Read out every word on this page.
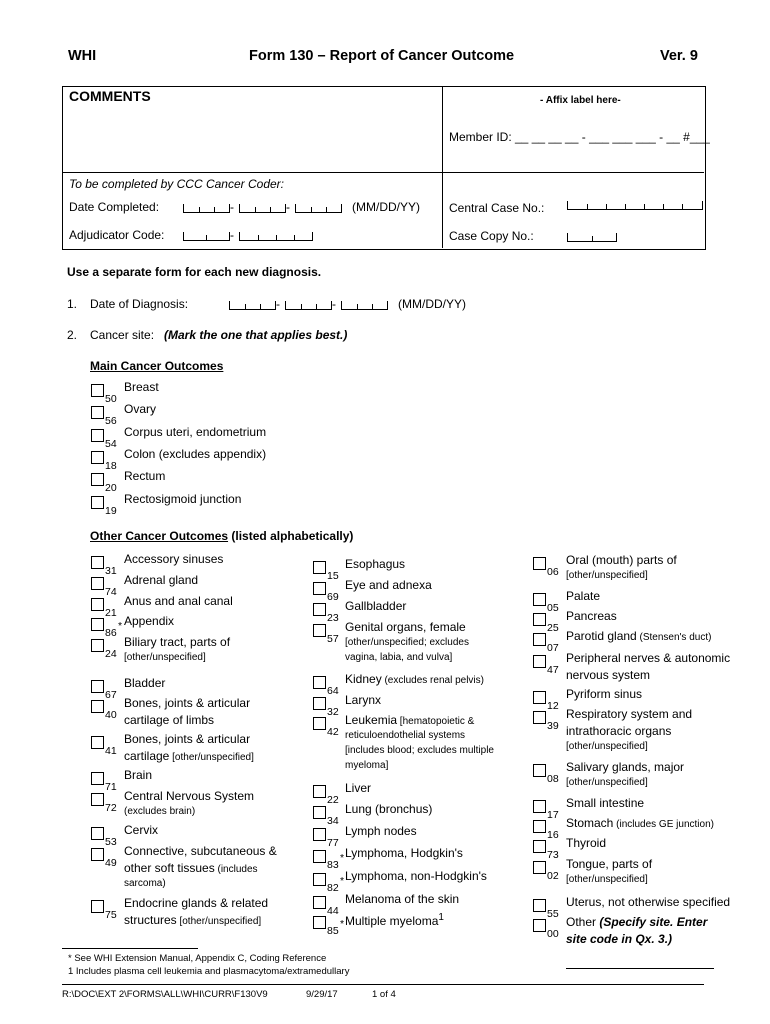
WHI	Form 130 – Report of Cancer Outcome	Ver. 9
COMMENTS	- Affix label here-
Member ID: __ __ __ __ - ___ ___ ___ - __ #___
To be completed by CCC Cancer Coder:
Date Completed:	-	-	(MM/DD/YY) Central Case No.:
Adjudicator Code:	-	Case Copy No.:
Use a separate form for each new diagnosis.
1. Date of Diagnosis:	-	-	(MM/DD/YY)
2. Cancer site: (Mark the one that applies best.)
Main Cancer Outcomes
50
Breast
56
Ovary
54
Corpus uteri, endometrium
18
Colon (excludes appendix)
20
Rectum
19
Rectosigmoid junction
Other Cancer Outcomes (listed alphabetically)
31
Accessory sinuses
74
Adrenal gland
21
Anus and anal canal
86
* Appendix
24
Biliary tract, parts of
[other/unspecified]
67
Bladder
40
Bones, joints & articular
cartilage of limbs
41
Bones, joints & articular
cartilage [other/unspecified]
71
Brain
72
Central Nervous System
(excludes brain)
53
Cervix
49
Connective, subcutaneous &
other soft tissues (includes
sarcoma)
75
Endocrine glands & related
structures [other/unspecified]
15
Esophagus
69
Eye and adnexa
23
Gallbladder
57
Genital organs, female
[other/unspecified; excludes
vagina, labia, and vulva]
64
Kidney (excludes renal pelvis)
32
Larynx
42
Leukemia [hematopoietic &
reticuloendothelial systems
[includes blood; excludes multiple
myeloma]
22
Liver
34
Lung (bronchus)
77
Lymph nodes
83
* Lymphoma, Hodgkin's
82
* Lymphoma, non-Hodgkin's
44
Melanoma of the skin
85
* Multiple myeloma$^1$
06
Oral (mouth) parts of
[other/unspecified]
05
Palate
25
Pancreas
07
Parotid gland (Stensen's duct)
47
Peripheral nerves & autonomic
nervous system
12
Pyriform sinus
39
Respiratory system and
intrathoracic organs
[other/unspecified]
08
Salivary glands, major
[other/unspecified]
17
Small intestine
16
Stomach (includes GE junction)
73
Thyroid
02
Tongue, parts of
[other/unspecified]
55
Uterus, not otherwise specified
00
Other (Specify site. Enter
site code in Qx. 3.)
* See WHI Extension Manual, Appendix C, Coding Reference
1 Includes plasma cell leukemia and plasmacytoma/extramedullary
R:\DOC\EXT 2\FORMS\ALL\WHI\CURR\F130V9	9/29/17	1 of 4
